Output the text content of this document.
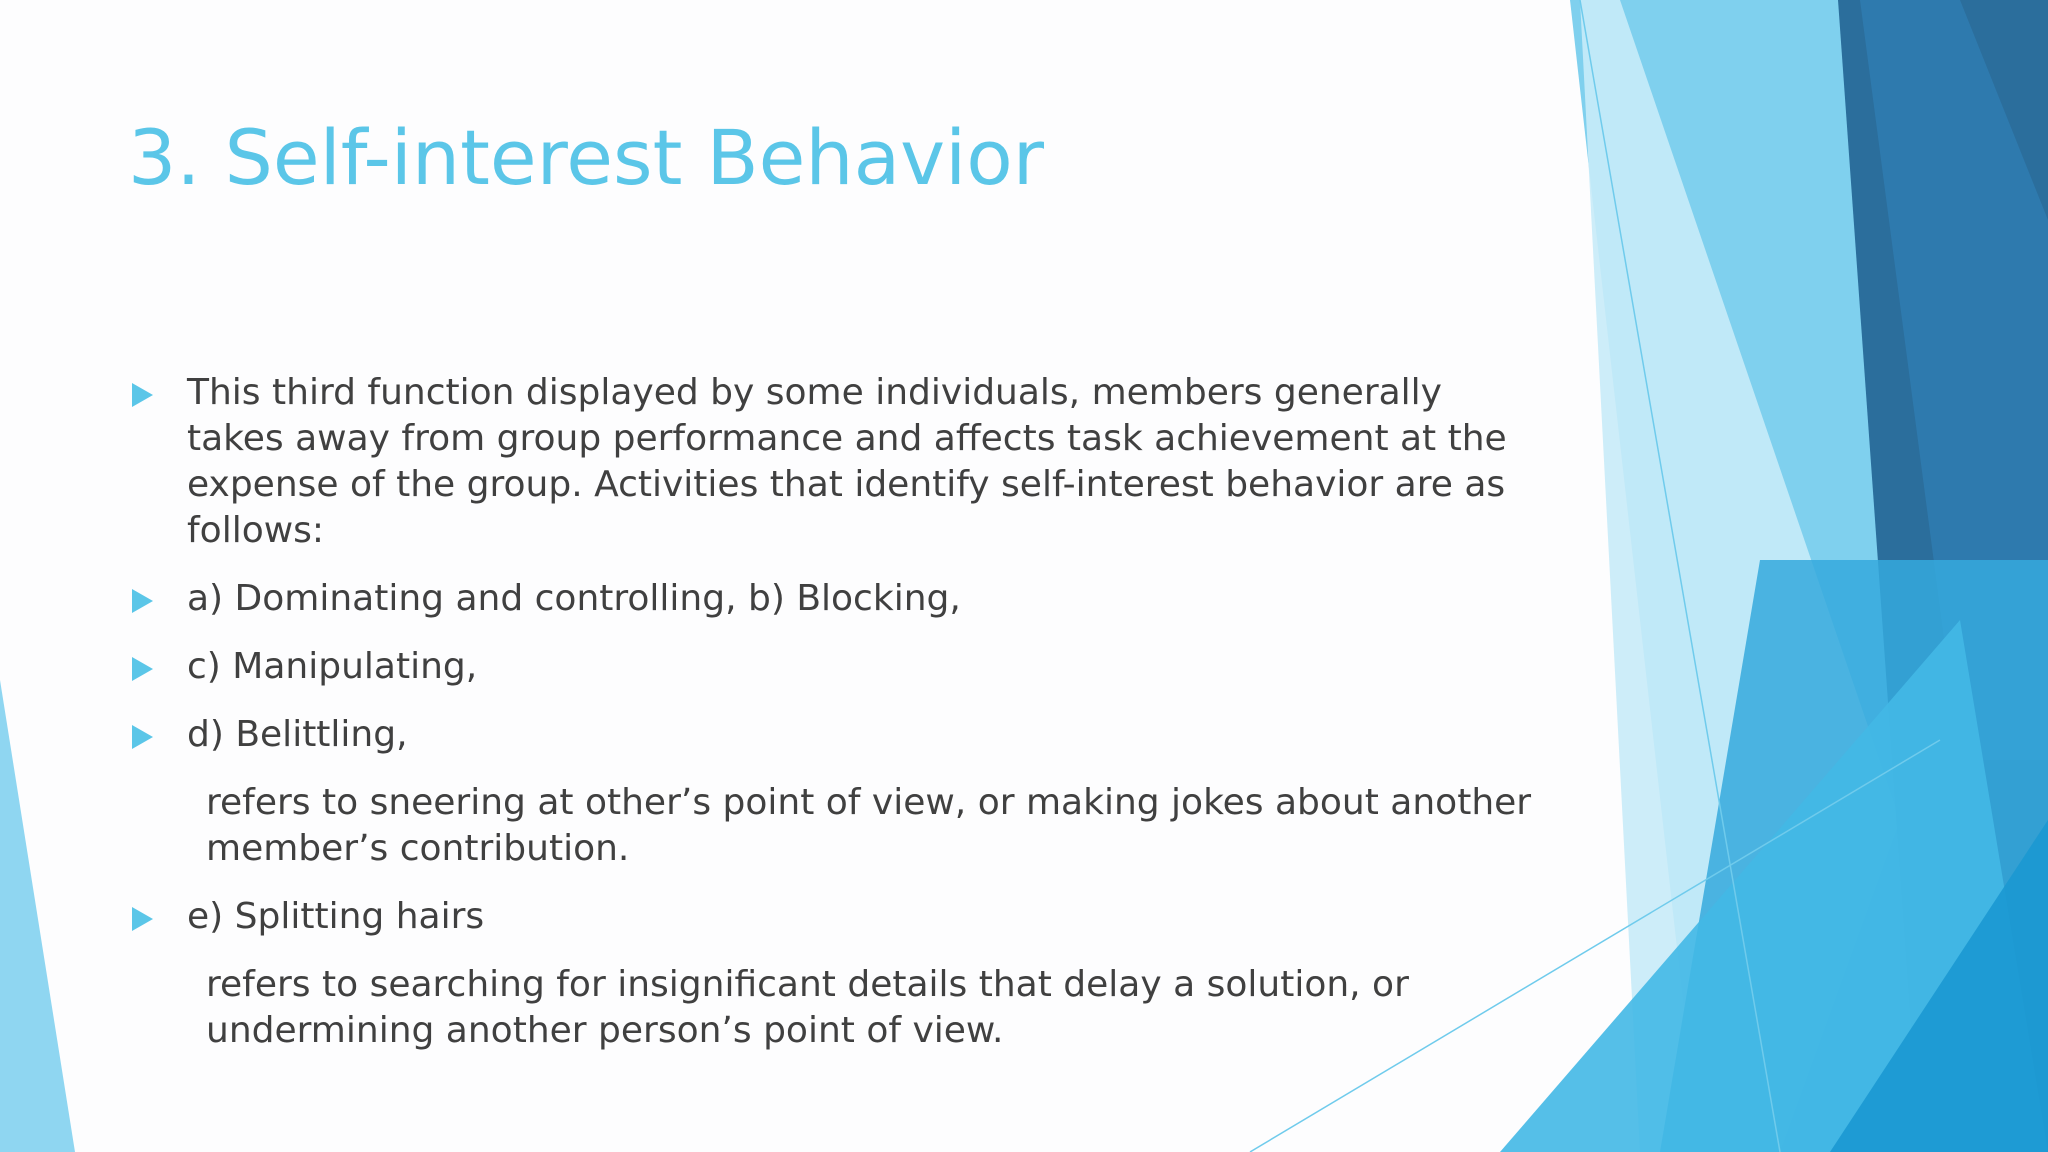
3. Self-interest Behavior
This third function displayed by some individuals, members generally takes away from group performance and affects task achievement at the expense of the group. Activities that identify self-interest behavior are as follows:
a) Dominating and controlling, b) Blocking,
c) Manipulating,
d) Belittling,
refers to sneering at other’s point of view, or making jokes about another member’s contribution.
e) Splitting hairs
refers to searching for insignificant details that delay a solution, or undermining another person’s point of view.
